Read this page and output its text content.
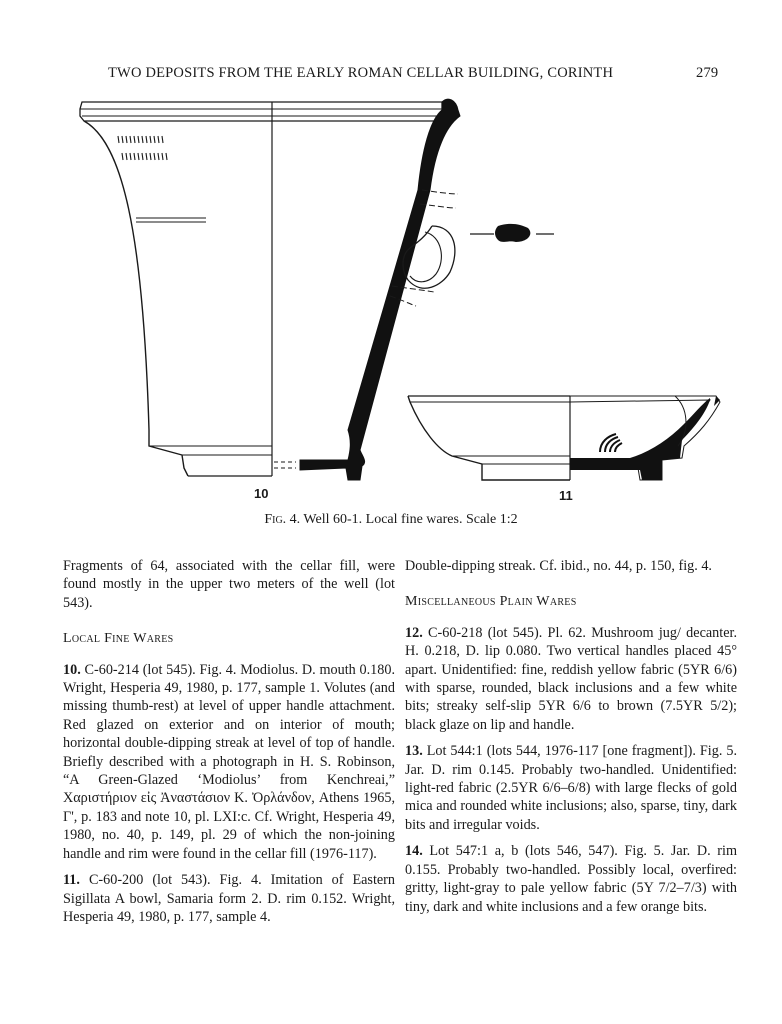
TWO DEPOSITS FROM THE EARLY ROMAN CELLAR BUILDING, CORINTH	279
10	11
Fig. 4. Well 60-1. Local fine wares. Scale 1:2

Fragments of 64, associated with the cellar fill, were found mostly in the upper two meters of the well (lot 543).

Local Fine Wares

10. C-60-214 (lot 545). Fig. 4. Modiolus. D. mouth 0.180. Wright, Hesperia 49, 1980, p. 177, sample 1. Volutes (and missing thumb-rest) at level of upper handle attachment. Red glazed on exterior and on interior of mouth; horizontal double-dipping streak at level of top of handle. Briefly described with a photograph in H. S. Robinson, “A Green-Glazed ‘Modiolus’ from Kenchreai,” Χαριστήριον εἰς Ἀναστάσιον Κ. Ὀρλάνδον, Athens 1965, Γ', p. 183 and note 10, pl. LXI:c. Cf. Wright, Hesperia 49, 1980, no. 40, p. 149, pl. 29 of which the non-joining handle and rim were found in the cellar fill (1976-117).

11. C-60-200 (lot 543). Fig. 4. Imitation of Eastern Sigillata A bowl, Samaria form 2. D. rim 0.152. Wright, Hesperia 49, 1980, p. 177, sample 4.

Double-dipping streak. Cf. ibid., no. 44, p. 150, fig. 4.

Miscellaneous Plain Wares

12. C-60-218 (lot 545). Pl. 62. Mushroom jug/ decanter. H. 0.218, D. lip 0.080. Two vertical handles placed 45° apart. Unidentified: fine, reddish yellow fabric (5YR 6/6) with sparse, rounded, black inclusions and a few white bits; streaky self-slip 5YR 6/6 to brown (7.5YR 5/2); black glaze on lip and handle.

13. Lot 544:1 (lots 544, 1976-117 [one fragment]). Fig. 5. Jar. D. rim 0.145. Probably two-handled. Unidentified: light-red fabric (2.5YR 6/6–6/8) with large flecks of gold mica and rounded white inclusions; also, sparse, tiny, dark bits and irregular voids.

14. Lot 547:1 a, b (lots 546, 547). Fig. 5. Jar. D. rim 0.155. Probably two-handled. Possibly local, overfired: gritty, light-gray to pale yellow fabric (5Y 7/2–7/3) with tiny, dark and white inclusions and a few orange bits.
